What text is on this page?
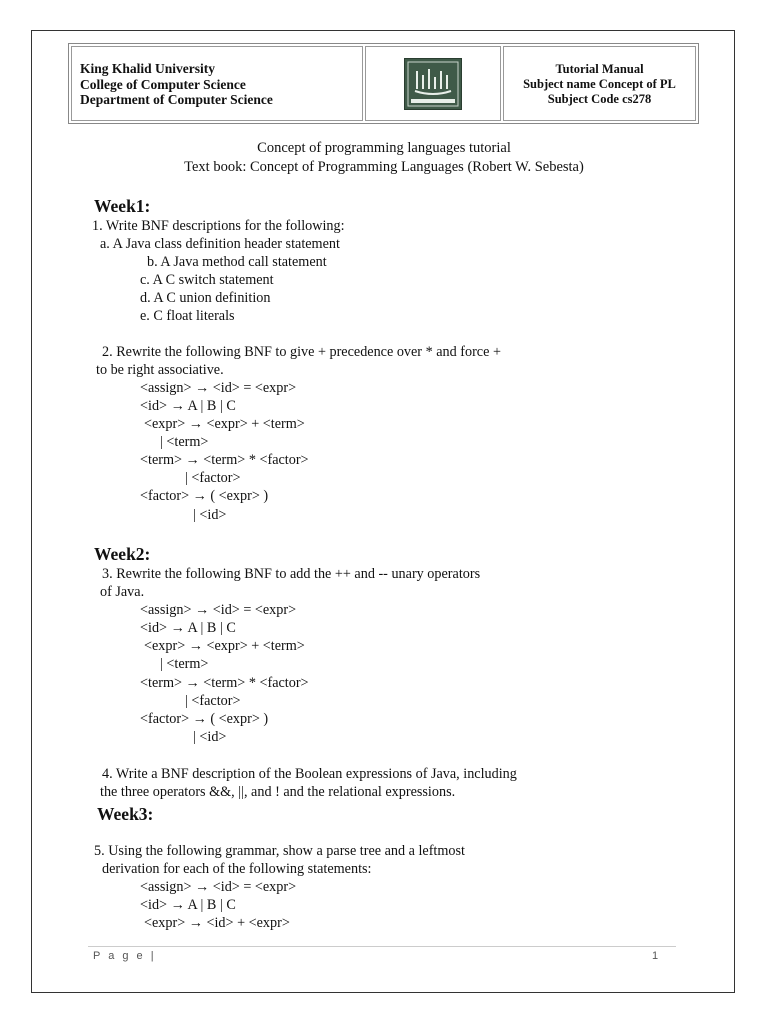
King Khalid University
College of Computer Science
Department of Computer Science
Tutorial Manual
Subject name Concept of PL
Subject Code cs278
Concept of programming languages tutorial
Text book: Concept of Programming Languages (Robert W. Sebesta)
Week1:
1. Write BNF descriptions for the following:
a. A Java class definition header statement
b. A Java method call statement
c. A C switch statement
d. A C union definition
e. C float literals
2. Rewrite the following BNF to give + precedence over * and force +
to be right associative.
<assign> → <id> = <expr>
<id> → A | B | C
<expr> → <expr> + <term>
| <term>
<term> → <term> * <factor>
| <factor>
<factor> → ( <expr> )
| <id>
Week2:
3. Rewrite the following BNF to add the ++ and -- unary operators
of Java.
<assign> → <id> = <expr>
<id> → A | B | C
<expr> → <expr> + <term>
| <term>
<term> → <term> * <factor>
| <factor>
<factor> → ( <expr> )
| <id>
4. Write a BNF description of the Boolean expressions of Java, including
the three operators &&, ||, and ! and the relational expressions.
Week3:
5. Using the following grammar, show a parse tree and a leftmost
derivation for each of the following statements:
<assign> → <id> = <expr>
<id> → A | B | C
<expr> → <id> + <expr>
P a g e |	1
